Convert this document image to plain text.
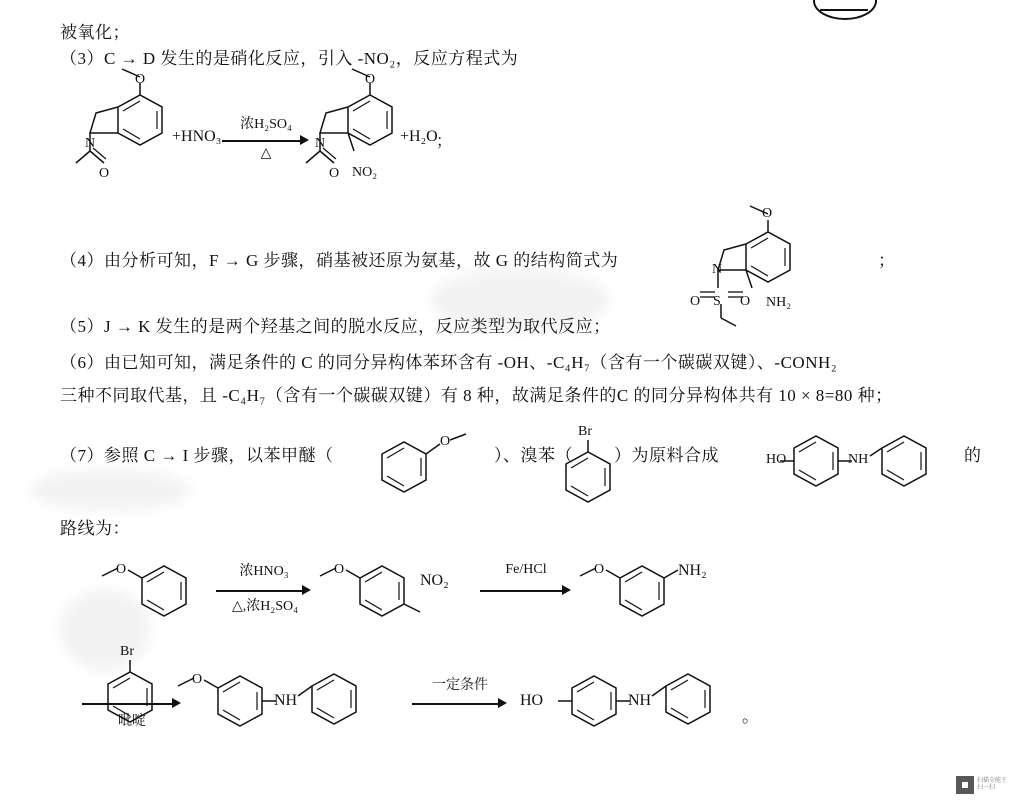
被氧化；
（3）C → D 发生的是硝化反应，引入 -NO₂，反应方程式为
O
N
O
+HNO₃
浓H₂SO₄
△
O
N
O NO₂
+H₂O
；
（4）由分析可知，F → G 步骤，硝基被还原为氨基，故 G 的结构简式为
O
N
S
O	O NH₂
；
（5）J → K 发生的是两个羟基之间的脱水反应，反应类型为取代反应；
（6）由已知可知，满足条件的 C 的同分异构体苯环含有 -OH、-C₄H₇（含有一个碳碳双键）、-CONH₂
三种不同取代基，且 -C₄H₇（含有一个碳碳双键）有 8 种，故满足条件的C 的同分异构体共有 10 × 8=80 种；
（7）参照 C → I 步骤，以苯甲醚（
O
）、溴苯（
Br
）为原料合成	HO	NH	的
路线为：
O	浓HNO₃
△,浓H₂SO₄
O
NO₂
Fe/HCl	O	NH₂
Br
吡啶
O
NH
一定条件
HO	NH
。
扫描全能王
扫一扫
